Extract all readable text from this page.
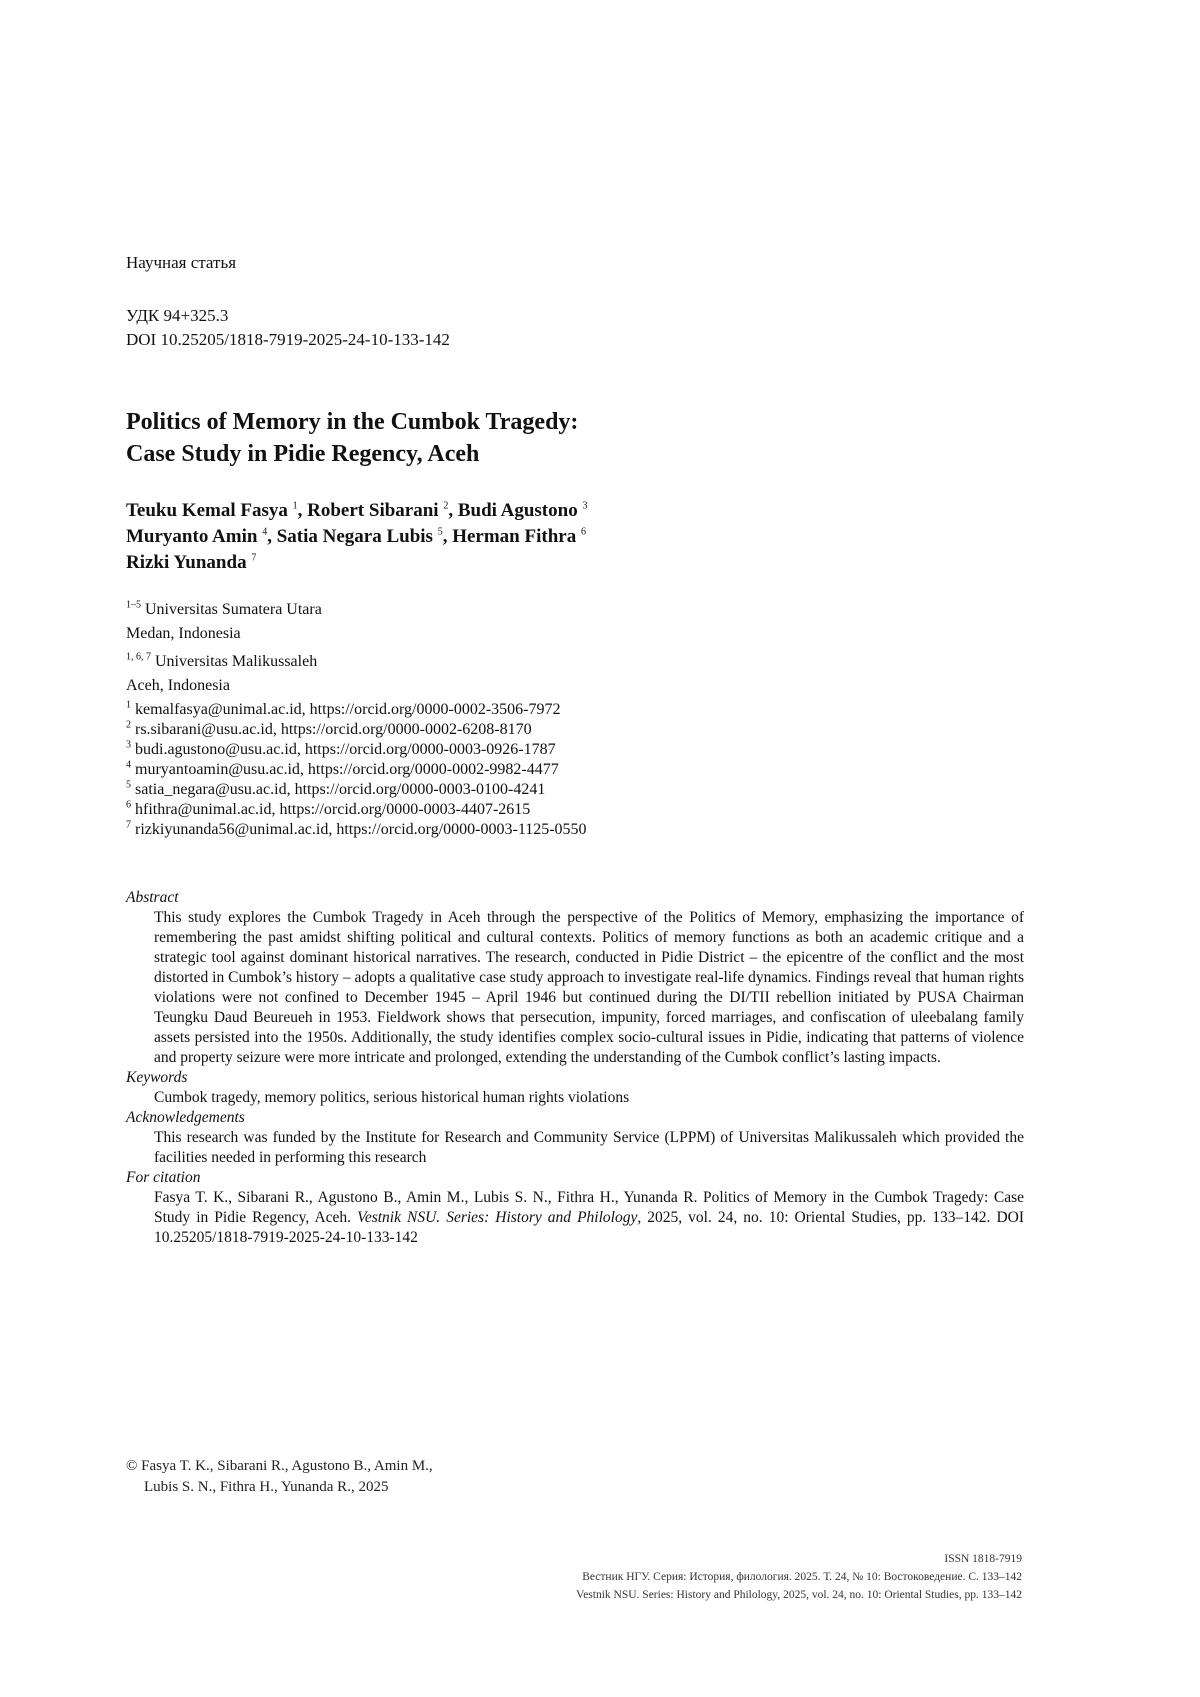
Научная статья
УДК 94+325.3
DOI 10.25205/1818-7919-2025-24-10-133-142
Politics of Memory in the Cumbok Tragedy:
Case Study in Pidie Regency, Aceh
Teuku Kemal Fasya $^1$, Robert Sibarani $^2$, Budi Agustono $^3$
Muryanto Amin $^4$, Satia Negara Lubis $^5$, Herman Fithra $^6$
Rizki Yunanda $^7$
$^{1-5}$ Universitas Sumatera Utara
Medan, Indonesia
$^{1, 6, 7}$ Universitas Malikussaleh
Aceh, Indonesia
$^1$ kemalfasya@unimal.ac.id, https://orcid.org/0000-0002-3506-7972
$^2$ rs.sibarani@usu.ac.id, https://orcid.org/0000-0002-6208-8170
$^3$ budi.agustono@usu.ac.id, https://orcid.org/0000-0003-0926-1787
$^4$ muryantoamin@usu.ac.id, https://orcid.org/0000-0002-9982-4477
$^5$ satia_negara@usu.ac.id, https://orcid.org/0000-0003-0100-4241
$^6$ hfithra@unimal.ac.id, https://orcid.org/0000-0003-4407-2615
$^7$ rizkiyunanda56@unimal.ac.id, https://orcid.org/0000-0003-1125-0550
Abstract
This study explores the Cumbok Tragedy in Aceh through the perspective of the Politics of Memory, emphasizing the importance of remembering the past amidst shifting political and cultural contexts. Politics of memory functions as both an academic critique and a strategic tool against dominant historical narratives. The research, conducted in Pidie District – the epicentre of the conflict and the most distorted in Cumbok’s history – adopts a qualitative case study approach to investigate real-life dynamics. Findings reveal that human rights violations were not confined to December 1945 – April 1946 but continued during the DI/TII rebellion initiated by PUSA Chairman Teungku Daud Beureueh in 1953. Fieldwork shows that persecution, impunity, forced marriages, and confiscation of uleebalang family assets persisted into the 1950s. Additionally, the study identifies complex socio-cultural issues in Pidie, indicating that patterns of violence and property seizure were more intricate and prolonged, extending the understanding of the Cumbok conflict’s lasting impacts.
Keywords
Cumbok tragedy, memory politics, serious historical human rights violations
Acknowledgements
This research was funded by the Institute for Research and Community Service (LPPM) of Universitas Malikussaleh which provided the facilities needed in performing this research
For citation
Fasya T. K., Sibarani R., Agustono B., Amin M., Lubis S. N., Fithra H., Yunanda R. Politics of Memory in the Cumbok Tragedy: Case Study in Pidie Regency, Aceh. Vestnik NSU. Series: History and Philology, 2025, vol. 24, no. 10: Oriental Studies, pp. 133–142. DOI 10.25205/1818-7919-2025-24-10-133-142
© Fasya T. K., Sibarani R., Agustono B., Amin M.,
Lubis S. N., Fithra H., Yunanda R., 2025
ISSN 1818-7919
Вестник НГУ. Серия: История, филология. 2025. Т. 24, № 10: Востоковедение. С. 133–142
Vestnik NSU. Series: History and Philology, 2025, vol. 24, no. 10: Oriental Studies, pp. 133–142
